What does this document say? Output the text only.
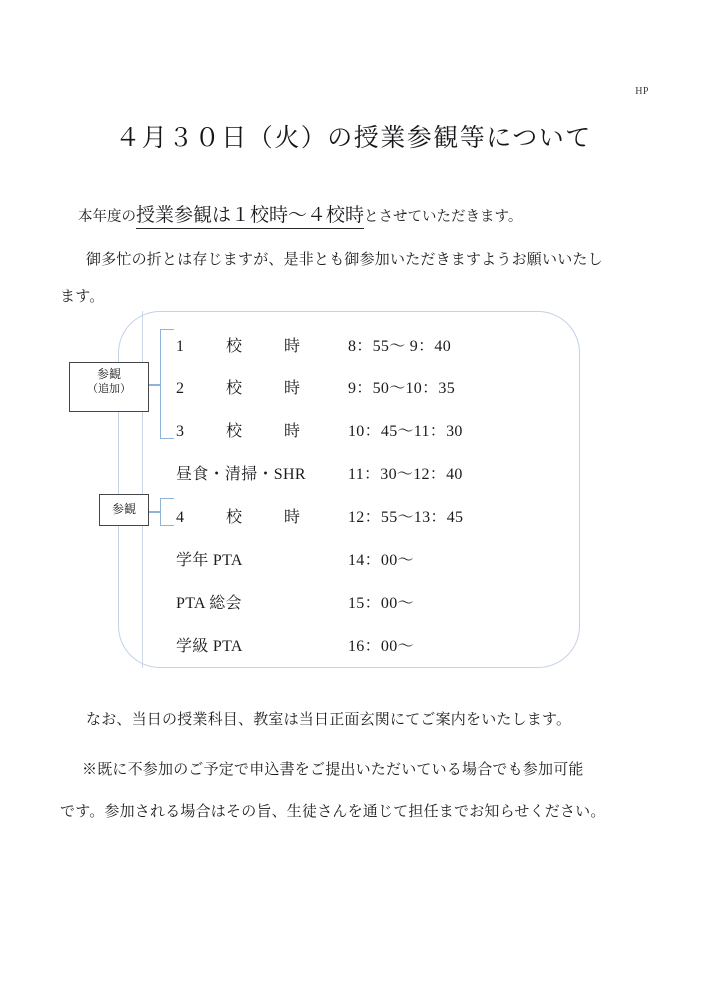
HP
４月３０日（火）の授業参観等について
本年度の授業参観は１校時～４校時とさせていただきます。
御多忙の折とは存じますが、是非とも御参加いただきますようお願いいたし
ます。
1　校　時 8：55～ 9：40
2　校　時 9：50～10：35
3　校　時 10：45～11：30
昼食・清掃・SHR	11：30～12：40
4　校　時 12：55～13：45
学年 PTA	14：00～
PTA 総会	15：00～
学級 PTA	16：00～
参観
（追加）
参観
なお、当日の授業科目、教室は当日正面玄関にてご案内をいたします。
※既に不参加のご予定で申込書をご提出いただいている場合でも参加可能
です。参加される場合はその旨、生徒さんを通じて担任までお知らせください。
